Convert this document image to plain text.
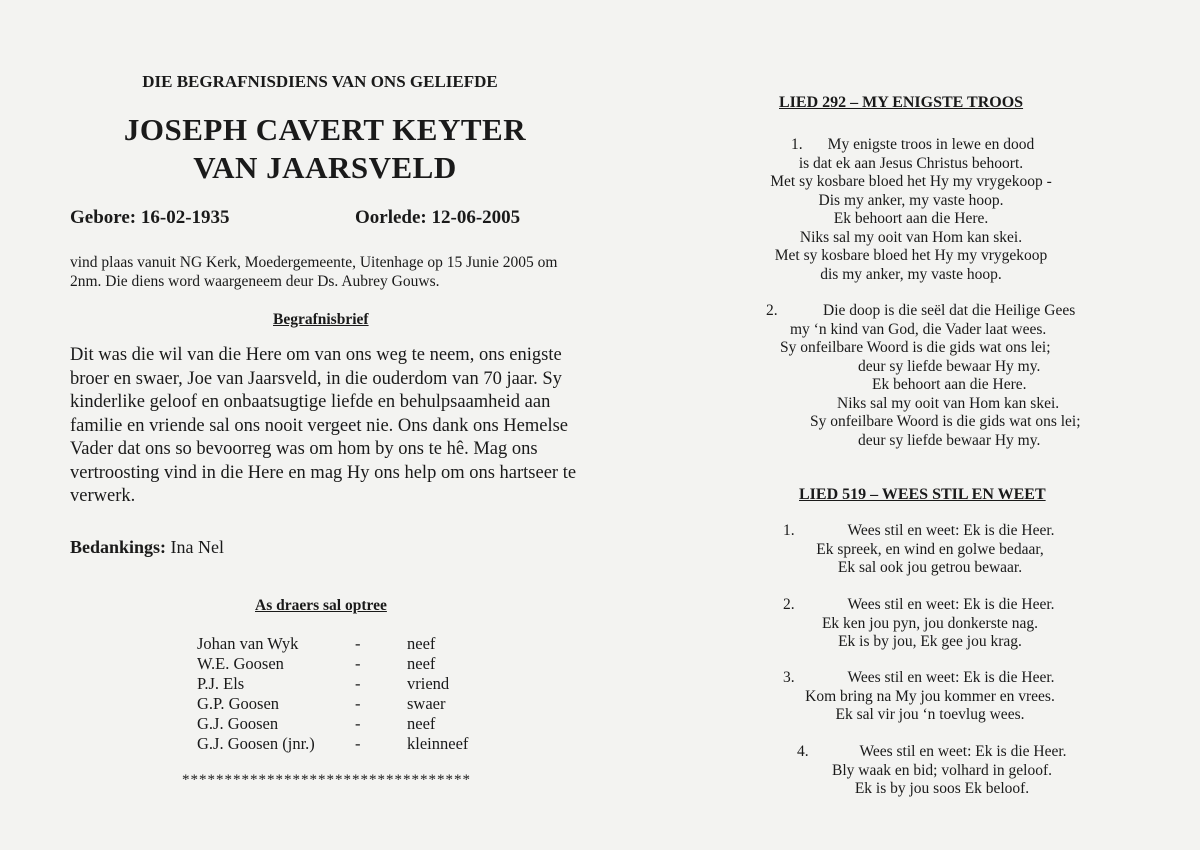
DIE BEGRAFNISDIENS VAN ONS GELIEFDE
JOSEPH CAVERT KEYTER
VAN JAARSVELD
Gebore: 16-02-1935	Oorlede: 12-06-2005
vind plaas vanuit NG Kerk, Moedergemeente, Uitenhage op 15 Junie 2005 om 2nm. Die diens word waargeneem deur Ds. Aubrey Gouws.
Begrafnisbrief
Dit was die wil van die Here om van ons weg te neem, ons enigste broer en swaer, Joe van Jaarsveld, in die ouderdom van 70 jaar. Sy kinderlike geloof en onbaatsugtige liefde en behulpsaamheid aan familie en vriende sal ons nooit vergeet nie. Ons dank ons Hemelse Vader dat ons so bevoorreg was om hom by ons te hê. Mag ons vertroosting vind in die Here en mag Hy ons help om ons hartseer te verwerk.
Bedankings: Ina Nel
As draers sal optree
Johan van Wyk	-	neef
W.E. Goosen	-	neef
P.J. Els	-	vriend
G.P. Goosen	-	swaer
G.J. Goosen	-	neef
G.J. Goosen (jnr.)	-	kleinneef
**********************************
LIED 292 – MY ENIGSTE TROOS
1.	My enigste troos in lewe en dood
is dat ek aan Jesus Christus behoort.
Met sy kosbare bloed het Hy my vrygekoop -
Dis my anker, my vaste hoop.
Ek behoort aan die Here.
Niks sal my ooit van Hom kan skei.
Met sy kosbare bloed het Hy my vrygekoop
dis my anker, my vaste hoop.
2.	Die doop is die seël dat die Heilige Gees
my ‘n kind van God, die Vader laat wees.
Sy onfeilbare Woord is die gids wat ons lei;
deur sy liefde bewaar Hy my.
Ek behoort aan die Here.
Niks sal my ooit van Hom kan skei.
Sy onfeilbare Woord is die gids wat ons lei;
deur sy liefde bewaar Hy my.
LIED 519 – WEES STIL EN WEET
1.	Wees stil en weet: Ek is die Heer.
Ek spreek, en wind en golwe bedaar,
Ek sal ook jou getrou bewaar.
2.	Wees stil en weet: Ek is die Heer.
Ek ken jou pyn, jou donkerste nag.
Ek is by jou, Ek gee jou krag.
3.	Wees stil en weet: Ek is die Heer.
Kom bring na My jou kommer en vrees.
Ek sal vir jou ‘n toevlug wees.
4.	Wees stil en weet: Ek is die Heer.
Bly waak en bid; volhard in geloof.
Ek is by jou soos Ek beloof.
